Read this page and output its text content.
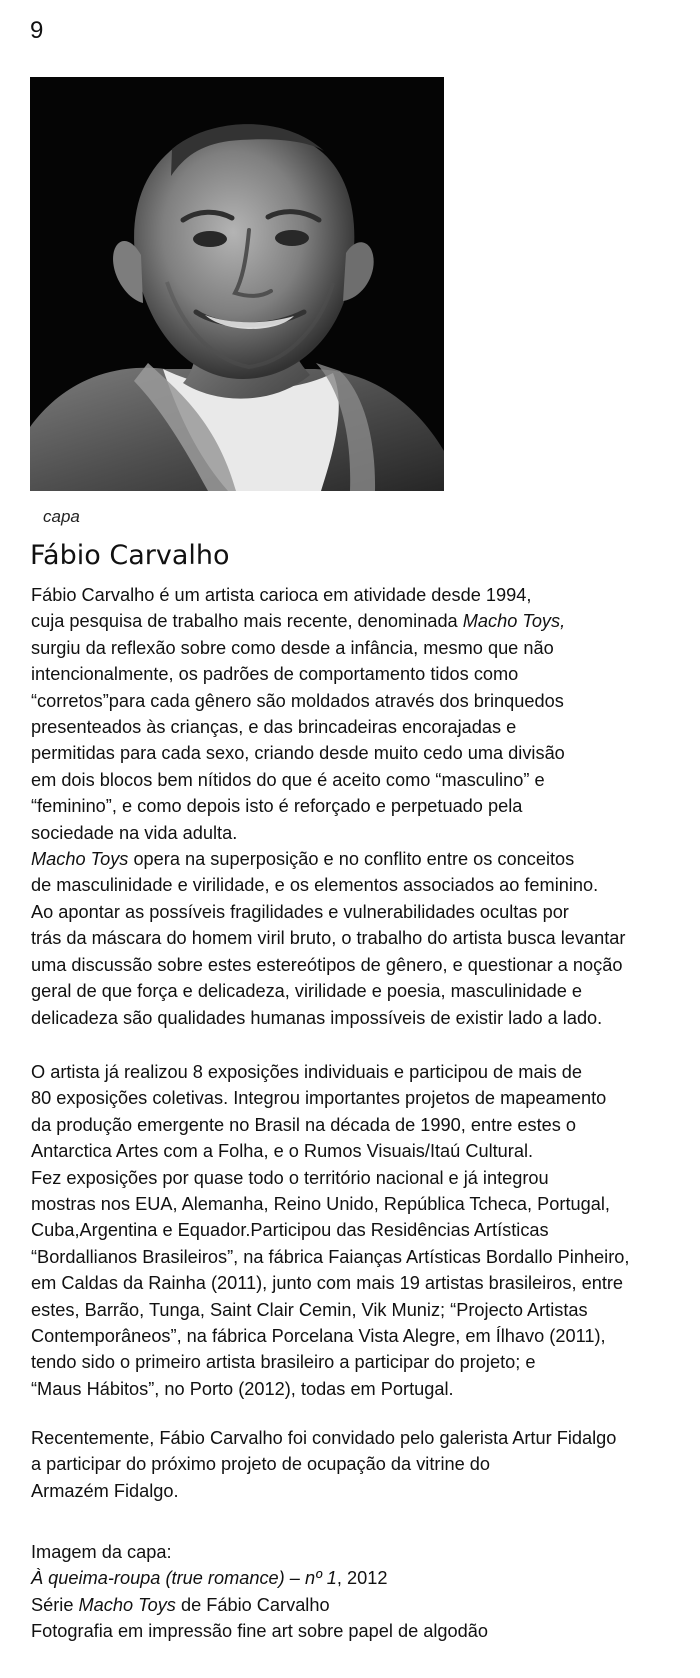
9
capa
Fábio Carvalho

Fábio Carvalho é um artista carioca em atividade desde 1994,
cuja pesquisa de trabalho mais recente, denominada Macho Toys,
surgiu da reflexão sobre como desde a infância, mesmo que não
intencionalmente, os padrões de comportamento tidos como
“corretos”para cada gênero são moldados através dos brinquedos
presenteados às crianças, e das brincadeiras encorajadas e
permitidas para cada sexo, criando desde muito cedo uma divisão
em dois blocos bem nítidos do que é aceito como “masculino” e
“feminino”, e como depois isto é reforçado e perpetuado pela
sociedade na vida adulta.
Macho Toys opera na superposição e no conflito entre os conceitos
de masculinidade e virilidade, e os elementos associados ao feminino.
Ao apontar as possíveis fragilidades e vulnerabilidades ocultas por
trás da máscara do homem viril bruto, o trabalho do artista busca levantar
uma discussão sobre estes estereótipos de gênero, e questionar a noção
geral de que força e delicadeza, virilidade e poesia, masculinidade e
delicadeza são qualidades humanas impossíveis de existir lado a lado.

O artista já realizou 8 exposições individuais e participou de mais de
80 exposições coletivas. Integrou importantes projetos de mapeamento
da produção emergente no Brasil na década de 1990, entre estes o
Antarctica Artes com a Folha, e o Rumos Visuais/Itaú Cultural.
Fez exposições por quase todo o território nacional e já integrou
mostras nos EUA, Alemanha, Reino Unido, República Tcheca, Portugal,
Cuba,Argentina e Equador.Participou das Residências Artísticas
“Bordallianos Brasileiros”, na fábrica Faianças Artísticas Bordallo Pinheiro,
em Caldas da Rainha (2011), junto com mais 19 artistas brasileiros, entre
estes, Barrão, Tunga, Saint Clair Cemin, Vik Muniz; “Projecto Artistas
Contemporâneos”, na fábrica Porcelana Vista Alegre, em Ílhavo (2011),
tendo sido o primeiro artista brasileiro a participar do projeto; e
“Maus Hábitos”, no Porto (2012), todas em Portugal.

Recentemente, Fábio Carvalho foi convidado pelo galerista Artur Fidalgo
a participar do próximo projeto de ocupação da vitrine do
Armazém Fidalgo.

Imagem da capa:
À queima-roupa (true romance) – nº 1, 2012
Série Macho Toys de Fábio Carvalho
Fotografia em impressão fine art sobre papel de algodão
